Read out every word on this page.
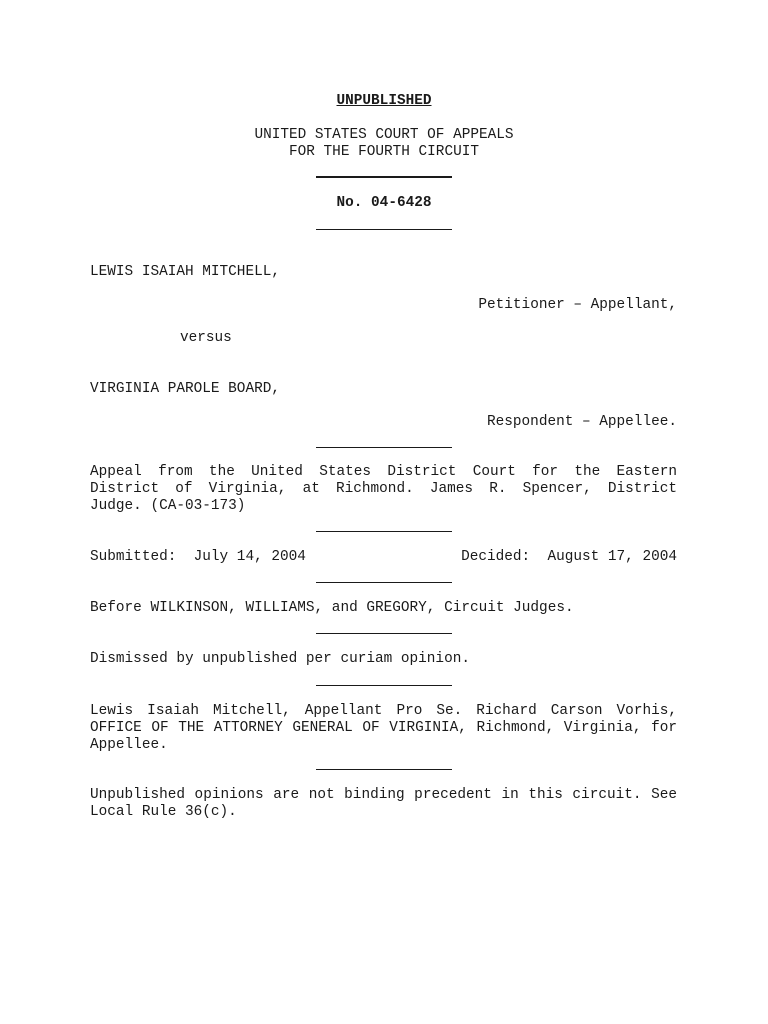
UNPUBLISHED
UNITED STATES COURT OF APPEALS
FOR THE FOURTH CIRCUIT
No. 04-6428
LEWIS ISAIAH MITCHELL,
Petitioner – Appellant,
versus
VIRGINIA PAROLE BOARD,
Respondent – Appellee.
Appeal from the United States District Court for the Eastern District of Virginia, at Richmond. James R. Spencer, District Judge. (CA-03-173)
Submitted:  July 14, 2004	Decided:  August 17, 2004
Before WILKINSON, WILLIAMS, and GREGORY, Circuit Judges.
Dismissed by unpublished per curiam opinion.
Lewis Isaiah Mitchell, Appellant Pro Se. Richard Carson Vorhis, OFFICE OF THE ATTORNEY GENERAL OF VIRGINIA, Richmond, Virginia, for Appellee.
Unpublished opinions are not binding precedent in this circuit. See Local Rule 36(c).
